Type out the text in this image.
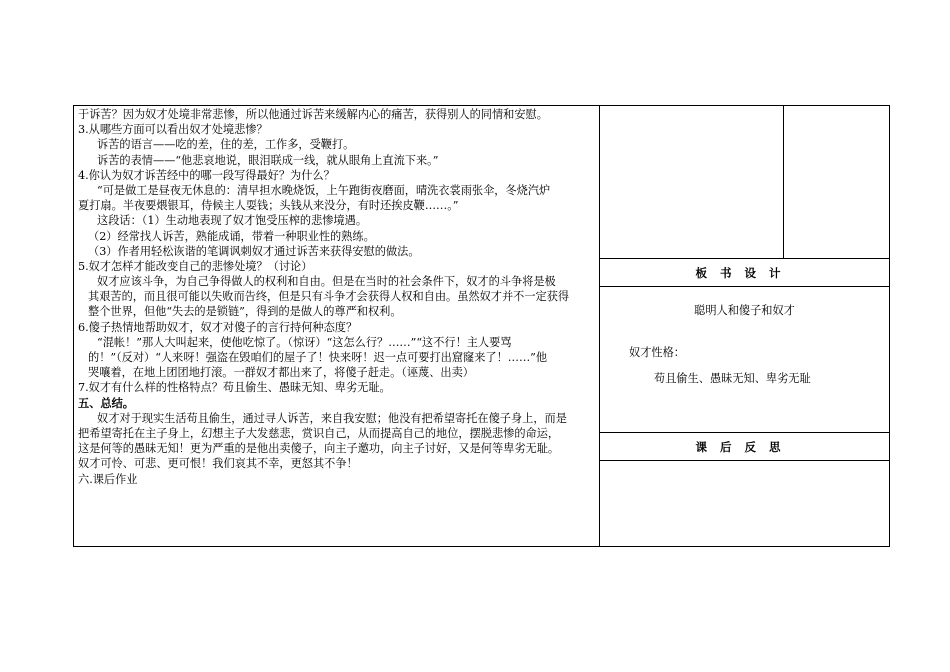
于诉苦？因为奴才处境非常悲惨，所以他通过诉苦来缓解内心的痛苦，获得别人的同情和安慰。
3.从哪些方面可以看出奴才处境悲惨？
诉苦的语言——吃的差，住的差，工作多，受鞭打。
诉苦的表情——“他悲哀地说，眼泪联成一线，就从眼角上直流下来。”
4.你认为奴才诉苦经中的哪一段写得最好？为什么？
“可是做工是昼夜无休息的：清早担水晚烧饭，上午跑街夜磨面，晴洗衣裳雨张伞，冬烧汽炉
夏打扇。半夜要煨银耳，侍候主人耍钱；头钱从来没分，有时还挨皮鞭……。”
这段话：（1）生动地表现了奴才饱受压榨的悲惨境遇。
（2）经常找人诉苦，熟能成诵，带着一种职业性的熟练。
（3）作者用轻松诙谐的笔调讽刺奴才通过诉苦来获得安慰的做法。
5.奴才怎样才能改变自己的悲惨处境？（讨论）
奴才应该斗争，为自己争得做人的权利和自由。但是在当时的社会条件下，奴才的斗争将是极
其艰苦的，而且很可能以失败而告终，但是只有斗争才会获得人权和自由。虽然奴才并不一定获得
整个世界，但他“失去的是锁链”，得到的是做人的尊严和权利。
6.傻子热情地帮助奴才，奴才对傻子的言行持何种态度？
“混帐！”那人大叫起来，使他吃惊了。（惊讶）“这怎么行？……”“这不行！主人要骂
的！”（反对）“人来呀！强盗在毁咱们的屋子了！快来呀！迟一点可要打出窟窿来了！……”他
哭嚷着，在地上团团地打滚。一群奴才都出来了，将傻子赶走。（诬蔑、出卖）
7.奴才有什么样的性格特点？苟且偷生、愚昧无知、卑劣无耻。
五、总结。
奴才对于现实生活苟且偷生，通过寻人诉苦，来自我安慰；他没有把希望寄托在傻子身上，而是
把希望寄托在主子身上，幻想主子大发慈悲，赏识自己，从而提高自己的地位，摆脱悲惨的命运，
这是何等的愚昧无知！更为严重的是他出卖傻子，向主子邀功，向主子讨好，又是何等卑劣无耻。
奴才可怜、可悲、更可恨！我们哀其不幸，更怒其不争！
六.课后作业
板书设计
聪明人和傻子和奴才
奴才性格：
苟且偷生、愚昧无知、卑劣无耻
课后反思
